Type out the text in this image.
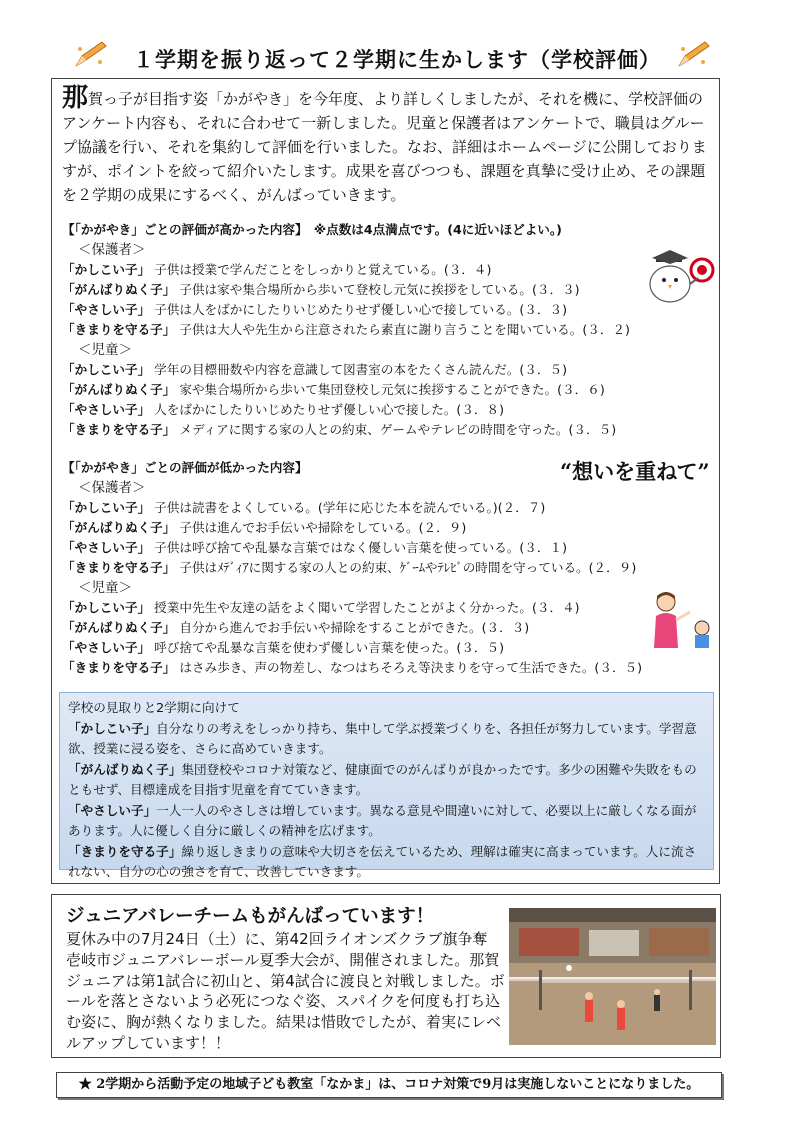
１学期を振り返って２学期に生かします（学校評価）
那賀っ子が目指す姿「かがやき」を今年度、より詳しくしましたが、それを機に、学校評価のアンケート内容も、それに合わせて一新しました。児童と保護者はアンケートで、職員はグループ協議を行い、それを集約して評価を行いました。なお、詳細はホームページに公開しておりますが、ポイントを絞って紹介いたします。成果を喜びつつも、課題を真摯に受け止め、その課題を２学期の成果にするべく、がんばっていきます。
【「かがやき」ごとの評価が高かった内容】　※点数は4点満点です。(4に近いほどよい。)
＜保護者＞
「かしこい子」 子供は授業で学んだことをしっかりと覚えている。(３．４)
「がんばりぬく子」 子供は家や集合場所から歩いて登校し元気に挨拶をしている。(３．３)
「やさしい子」 子供は人をばかにしたりいじめたりせず優しい心で接している。(３．３)
「きまりを守る子」 子供は大人や先生から注意されたら素直に謝り言うことを聞いている。(３．２)
＜児童＞
「かしこい子」 学年の目標冊数や内容を意識して図書室の本をたくさん読んだ。(３．５)
「がんばりぬく子」 家や集合場所から歩いて集団登校し元気に挨拶することができた。(３．６)
「やさしい子」 人をばかにしたりいじめたりせず優しい心で接した。(３．８)
「きまりを守る子」 メディアに関する家の人との約束、ゲームやテレビの時間を守った。(３．５)
“想いを重ねて”
【「かがやき」ごとの評価が低かった内容】
＜保護者＞
「かしこい子」 子供は読書をよくしている。(学年に応じた本を読んでいる。)(２．７)
「がんばりぬく子」 子供は進んでお手伝いや掃除をしている。(２．９)
「やさしい子」 子供は呼び捨てや乱暴な言葉ではなく優しい言葉を使っている。(３．１)
「きまりを守る子」 子供はﾒﾃﾞｨｱに関する家の人との約束、ｹﾞｰﾑやﾃﾚﾋﾞの時間を守っている。(２．９)
＜児童＞
「かしこい子」 授業中先生や友達の話をよく聞いて学習したことがよく分かった。(３．４)
「がんばりぬく子」 自分から進んでお手伝いや掃除をすることができた。(３．３)
「やさしい子」 呼び捨てや乱暴な言葉を使わず優しい言葉を使った。(３．５)
「きまりを守る子」 はさみ歩き、声の物差し、なつはちそろえ等決まりを守って生活できた。(３．５)
学校の見取りと2学期に向けて
「かしこい子」自分なりの考えをしっかり持ち、集中して学ぶ授業づくりを、各担任が努力しています。学習意欲、授業に浸る姿を、さらに高めていきます。
「がんばりぬく子」集団登校やコロナ対策など、健康面でのがんばりが良かったです。多少の困難や失敗をものともせず、目標達成を目指す児童を育てていきます。
「やさしい子」一人一人のやさしさは増しています。異なる意見や間違いに対して、必要以上に厳しくなる面があります。人に優しく自分に厳しくの精神を広げます。
「きまりを守る子」繰り返しきまりの意味や大切さを伝えているため、理解は確実に高まっています。人に流されない、自分の心の強さを育て、改善していきます。
ジュニアバレーチームもがんばっています！
夏休み中の7月24日（土）に、第42回ライオンズクラブ旗争奪 壱岐市ジュニアバレーボール夏季大会が、開催されました。那賀ジュニアは第1試合に初山と、第4試合に渡良と対戦しました。ボールを落とさないよう必死につなぐ姿、スパイクを何度も打ち込む姿に、胸が熱くなりました。結果は惜敗でしたが、着実にレベルアップしています！！
★ 2学期から活動予定の地域子ども教室「なかま」は、コロナ対策で9月は実施しないことになりました。
